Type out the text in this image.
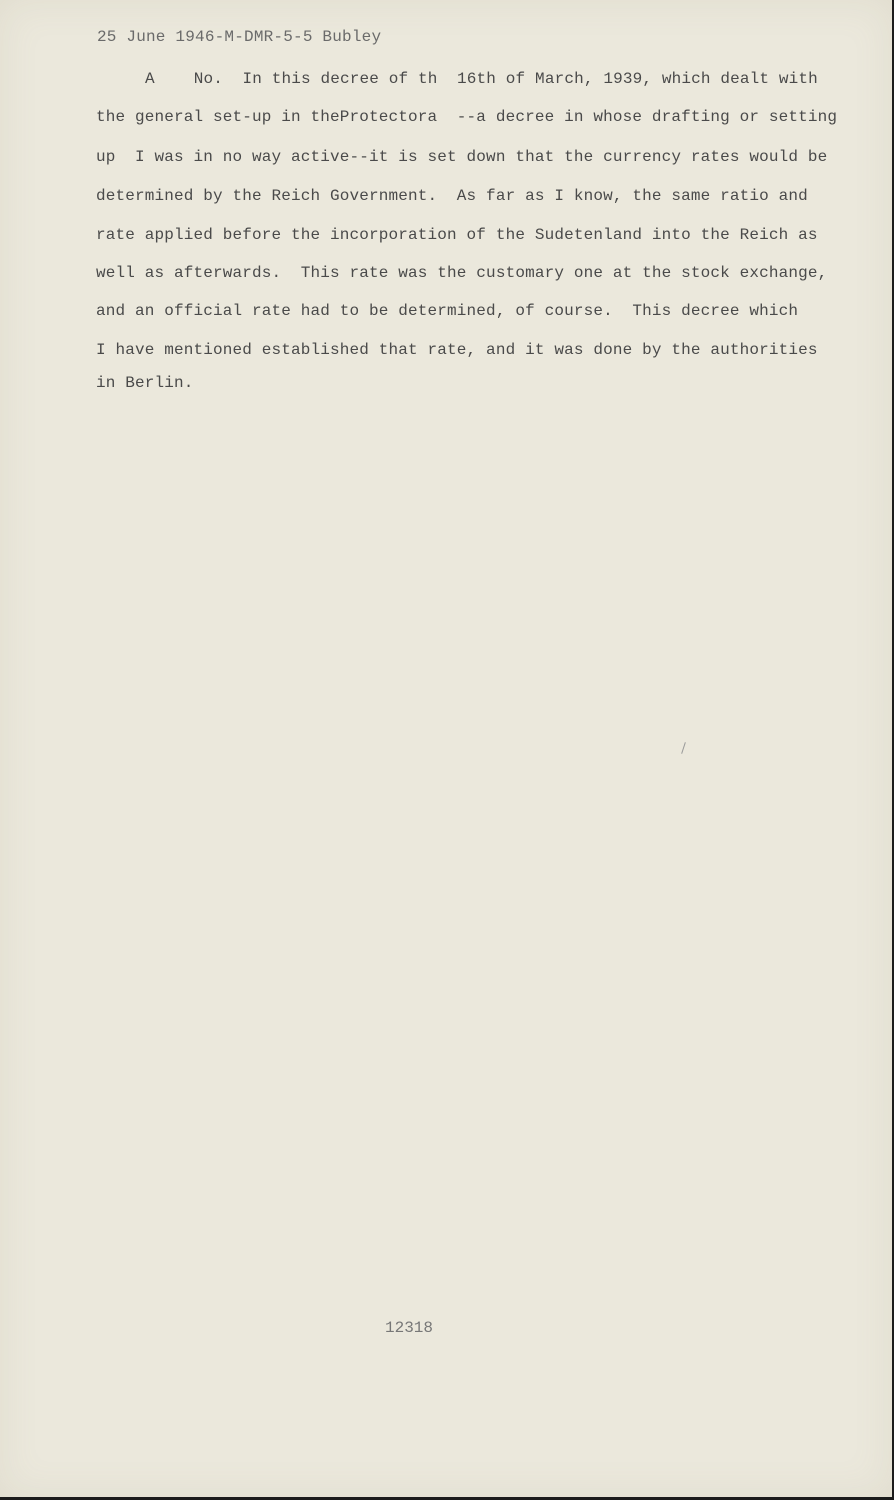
25 June 1946-M-DMR-5-5 Bubley
A    No.  In this decree of th  16th of March, 1939, which dealt with
the general set-up in theProtectora  --a decree in whose drafting or setting
up  I was in no way active--it is set down that the currency rates would be
determined by the Reich Government.  As far as I know, the same ratio and
rate applied before the incorporation of the Sudetenland into the Reich as
well as afterwards.  This rate was the customary one at the stock exchange,
and an official rate had to be determined, of course.  This decree which
I have mentioned established that rate, and it was done by the authorities
in Berlin.
12318
